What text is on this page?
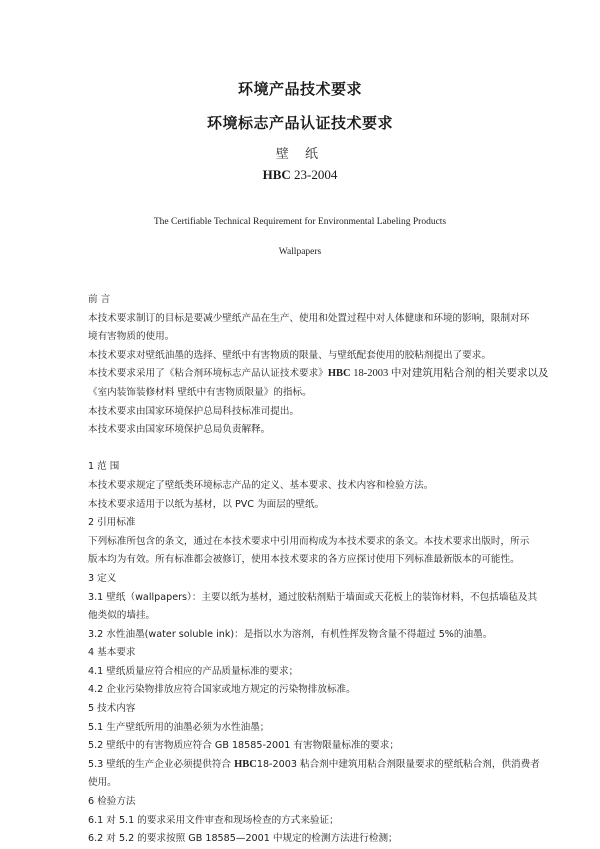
环境产品技术要求
环境标志产品认证技术要求
壁 纸
HBC 23-2004
The Certifiable Technical Requirement for Environmental Labeling Products
Wallpapers
前 言
本技术要求制订的目标是要减少壁纸产品在生产、使用和处置过程中对人体健康和环境的影响，限制对环
境有害物质的使用。
本技术要求对壁纸油墨的选择、壁纸中有害物质的限量、与壁纸配套使用的胶粘剂提出了要求。
本技术要求采用了《粘合剂环境标志产品认证技术要求》HBC 18-2003 中对建筑用粘合剂的相关要求以及
《室内装饰装修材料 壁纸中有害物质限量》的指标。
本技术要求由国家环境保护总局科技标准司提出。
本技术要求由国家环境保护总局负责解释。
1 范 围
本技术要求规定了壁纸类环境标志产品的定义、基本要求、技术内容和检验方法。
本技术要求适用于以纸为基材，以 PVC 为面层的壁纸。
2 引用标准
下列标准所包含的条文，通过在本技术要求中引用而构成为本技术要求的条文。本技术要求出版时，所示
版本均为有效。所有标准都会被修订，使用本技术要求的各方应探讨使用下列标准最新版本的可能性。
3 定义
3.1 壁纸（wallpapers）：主要以纸为基材，通过胶粘剂贴于墙面或天花板上的装饰材料，不包括墙毡及其
他类似的墙挂。
3.2 水性油墨(water soluble ink)：是指以水为溶剂，有机性挥发物含量不得超过 5%的油墨。
4 基本要求
4.1 壁纸质量应符合相应的产品质量标准的要求；
4.2 企业污染物排放应符合国家或地方规定的污染物排放标准。
5 技术内容
5.1 生产壁纸所用的油墨必须为水性油墨；
5.2 壁纸中的有害物质应符合 GB 18585-2001 有害物限量标准的要求；
5.3 壁纸的生产企业必须提供符合 HBC18-2003 粘合剂中建筑用粘合剂限量要求的壁纸粘合剂，供消费者
使用。
6 检验方法
6.1 对 5.1 的要求采用文件审查和现场检查的方式来验证；
6.2 对 5.2 的要求按照 GB 18585—2001 中规定的检测方法进行检测；
